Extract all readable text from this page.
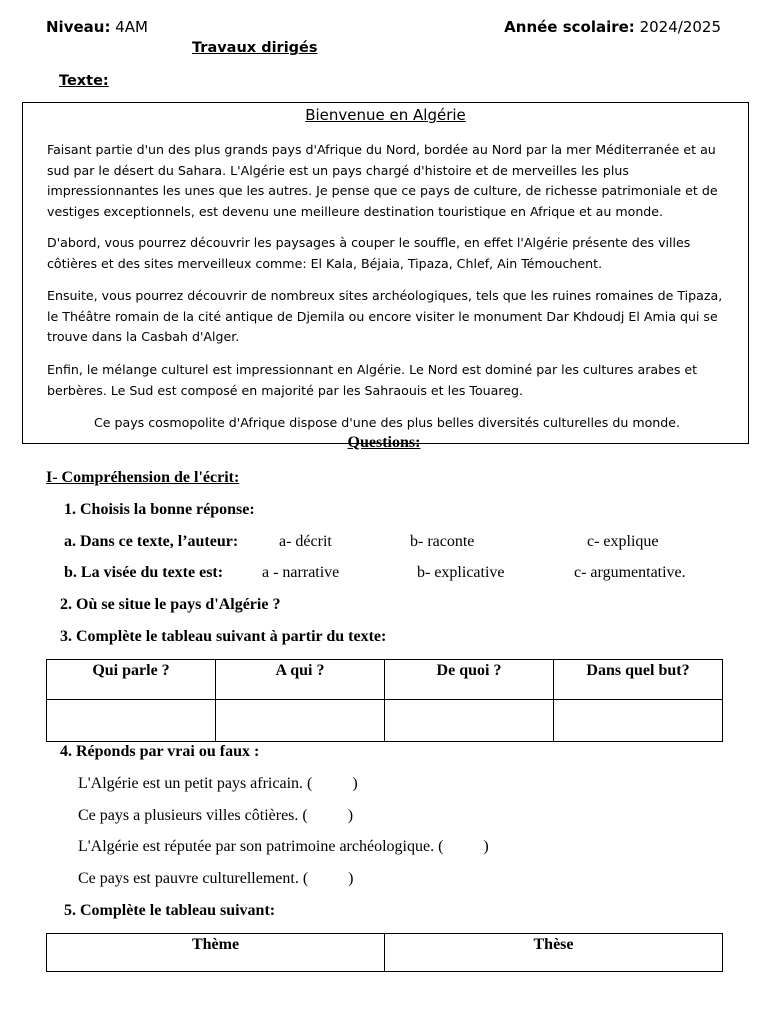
Niveau: 4AM	Année scolaire: 2024/2025
Travaux dirigés
Texte:
Bienvenue en Algérie
Faisant partie d'un des plus grands pays d'Afrique du Nord, bordée au Nord par la mer Méditerranée et au
sud par le désert du Sahara. L'Algérie est un pays chargé d'histoire et de merveilles les plus
impressionnantes les unes que les autres. Je pense que ce pays de culture, de richesse patrimoniale et de
vestiges exceptionnels, est devenu une meilleure destination touristique en Afrique et au monde.
D'abord, vous pourrez découvrir les paysages à couper le souffle, en effet l'Algérie présente des villes
côtières et des sites merveilleux comme: El Kala, Béjaia, Tipaza, Chlef, Ain Témouchent.
Ensuite, vous pourrez découvrir de nombreux sites archéologiques, tels que les ruines romaines de Tipaza,
le Théâtre romain de la cité antique de Djemila ou encore visiter le monument Dar Khdoudj El Amia qui se
trouve dans la Casbah d'Alger.
Enfin, le mélange culturel est impressionnant en Algérie. Le Nord est dominé par les cultures arabes et
berbères. Le Sud est composé en majorité par les Sahraouis et les Touareg.
Ce pays cosmopolite d'Afrique dispose d'une des plus belles diversités culturelles du monde.
Questions:
I- Compréhension de l'écrit:
1. Choisis la bonne réponse:
a. Dans ce texte, l’auteur:	a- décrit	b- raconte	c- explique
b. La visée du texte est: a - narrative	b- explicative	c- argumentative.
2. Où se situe le pays d'Algérie ?
3. Complète le tableau suivant à partir du texte:
Qui parle ?	A qui ?	De quoi ?	Dans quel but?

4. Réponds par vrai ou faux :
L'Algérie est un petit pays africain. (          )
Ce pays a plusieurs villes côtières. (          )
L'Algérie est réputée par son patrimoine archéologique. (          )
Ce pays est pauvre culturellement. (          )
5. Complète le tableau suivant:
Thème	Thèse
